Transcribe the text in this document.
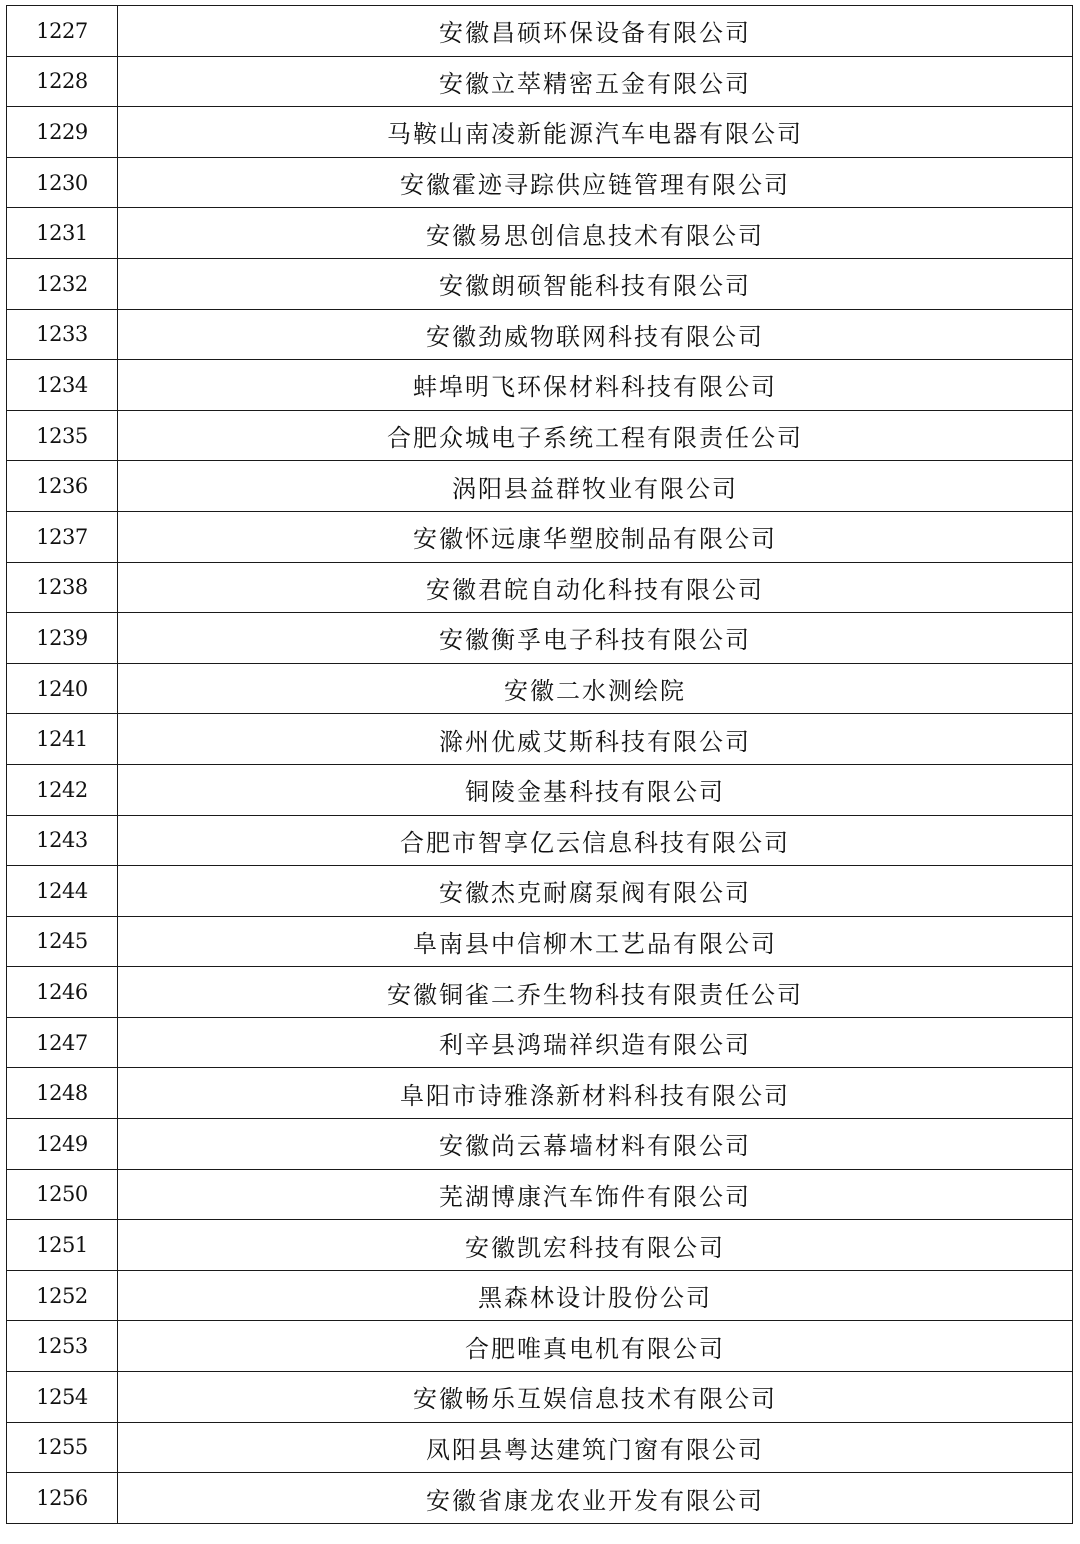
1227	安徽昌硕环保设备有限公司
1228	安徽立萃精密五金有限公司
1229	马鞍山南凌新能源汽车电器有限公司
1230	安徽霍迹寻踪供应链管理有限公司
1231	安徽易思创信息技术有限公司
1232	安徽朗硕智能科技有限公司
1233	安徽劲威物联网科技有限公司
1234	蚌埠明飞环保材料科技有限公司
1235	合肥众城电子系统工程有限责任公司
1236	涡阳县益群牧业有限公司
1237	安徽怀远康华塑胶制品有限公司
1238	安徽君皖自动化科技有限公司
1239	安徽衡孚电子科技有限公司
1240	安徽二水测绘院
1241	滁州优威艾斯科技有限公司
1242	铜陵金基科技有限公司
1243	合肥市智享亿云信息科技有限公司
1244	安徽杰克耐腐泵阀有限公司
1245	阜南县中信柳木工艺品有限公司
1246	安徽铜雀二乔生物科技有限责任公司
1247	利辛县鸿瑞祥织造有限公司
1248	阜阳市诗雅涤新材料科技有限公司
1249	安徽尚云幕墙材料有限公司
1250	芜湖博康汽车饰件有限公司
1251	安徽凯宏科技有限公司
1252	黑森林设计股份公司
1253	合肥唯真电机有限公司
1254	安徽畅乐互娱信息技术有限公司
1255	凤阳县粤达建筑门窗有限公司
1256	安徽省康龙农业开发有限公司
